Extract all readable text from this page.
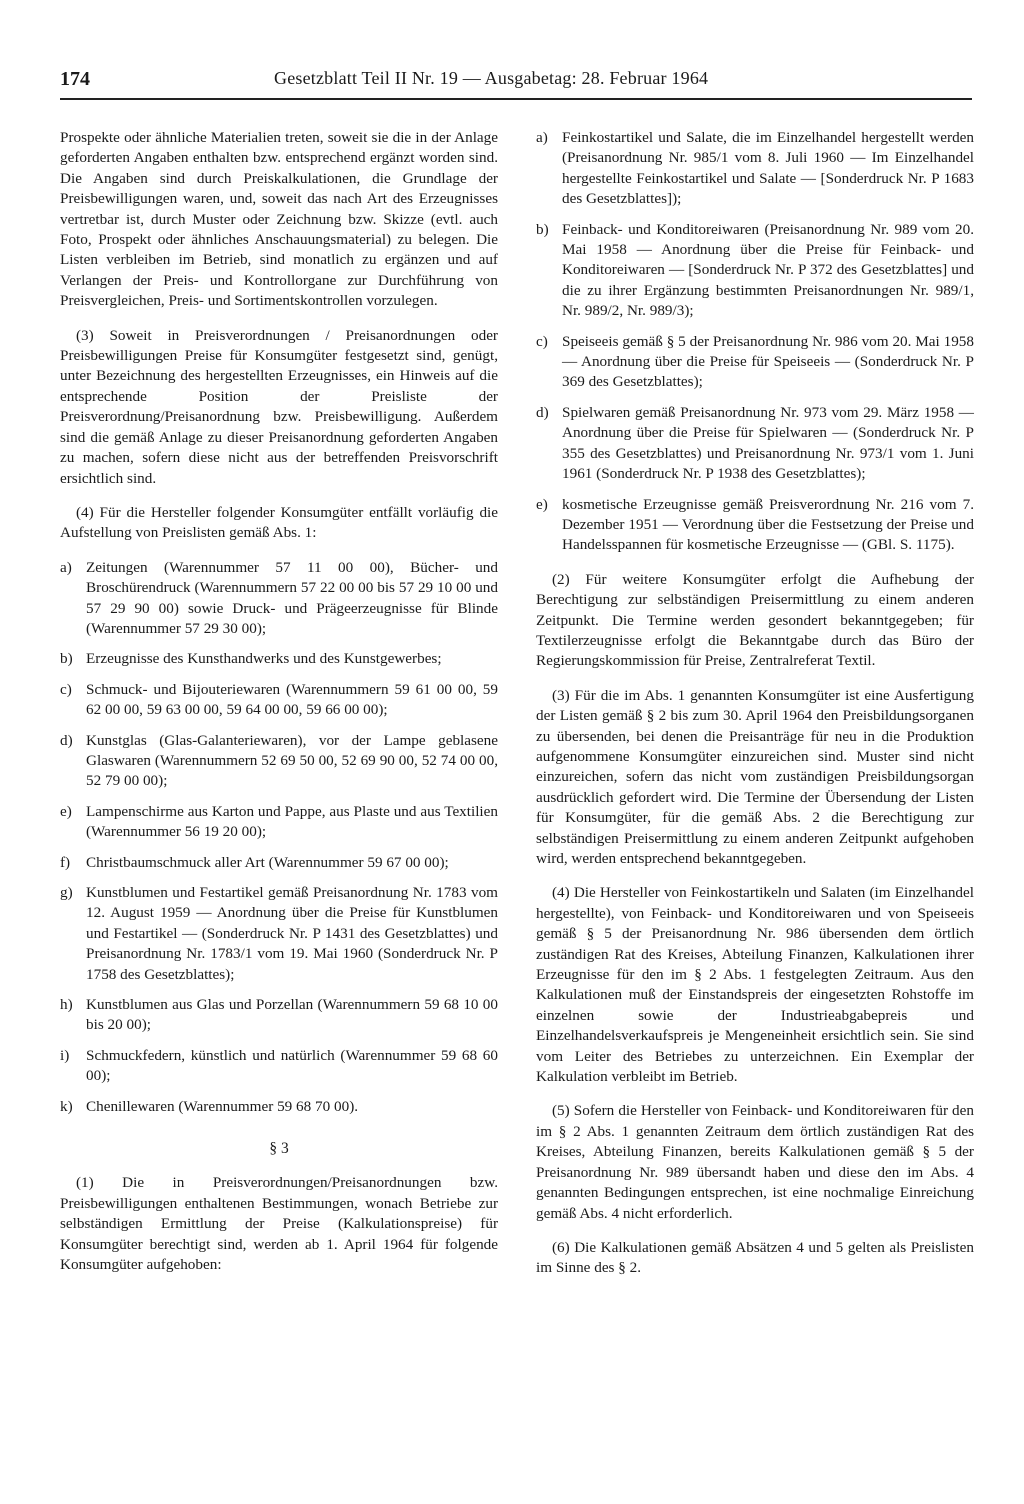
174	Gesetzblatt Teil II Nr. 19 — Ausgabetag: 28. Februar 1964

Prospekte oder ähnliche Materialien treten, soweit sie die in der Anlage geforderten Angaben enthalten bzw. entsprechend ergänzt worden sind. Die Angaben sind durch Preiskalkulationen, die Grundlage der Preisbewilligungen waren, und, soweit das nach Art des Erzeugnisses vertretbar ist, durch Muster oder Zeichnung bzw. Skizze (evtl. auch Foto, Prospekt oder ähnliches Anschauungsmaterial) zu belegen. Die Listen verbleiben im Betrieb, sind monatlich zu ergänzen und auf Verlangen der Preis- und Kontrollorgane zur Durchführung von Preisvergleichen, Preis- und Sortimentskontrollen vorzulegen.

(3) Soweit in Preisverordnungen / Preisanordnungen oder Preisbewilligungen Preise für Konsumgüter festgesetzt sind, genügt, unter Bezeichnung des hergestellten Erzeugnisses, ein Hinweis auf die entsprechende Position der Preisliste der Preisverordnung/Preisanordnung bzw. Preisbewilligung. Außerdem sind die gemäß Anlage zu dieser Preisanordnung geforderten Angaben zu machen, sofern diese nicht aus der betreffenden Preisvorschrift ersichtlich sind.

(4) Für die Hersteller folgender Konsumgüter entfällt vorläufig die Aufstellung von Preislisten gemäß Abs. 1:

a) Zeitungen (Warennummer 57 11 00 00), Bücher- und Broschürendruck (Warennummern 57 22 00 00 bis 57 29 10 00 und 57 29 90 00) sowie Druck- und Prägeerzeugnisse für Blinde (Warennummer 57 29 30 00);
b) Erzeugnisse des Kunsthandwerks und des Kunstgewerbes;
c) Schmuck- und Bijouteriewaren (Warennummern 59 61 00 00, 59 62 00 00, 59 63 00 00, 59 64 00 00, 59 66 00 00);
d) Kunstglas (Glas-Galanteriewaren), vor der Lampe geblasene Glaswaren (Warennummern 52 69 50 00, 52 69 90 00, 52 74 00 00, 52 79 00 00);
e) Lampenschirme aus Karton und Pappe, aus Plaste und aus Textilien (Warennummer 56 19 20 00);
f)	Christbaumschmuck aller Art (Warennummer 59 67 00 00);
g) Kunstblumen und Festartikel gemäß Preisanordnung Nr. 1783 vom 12. August 1959 — Anordnung über die Preise für Kunstblumen und Festartikel — (Sonderdruck Nr. P 1431 des Gesetzblattes) und Preisanordnung Nr. 1783/1 vom 19. Mai 1960 (Sonderdruck Nr. P 1758 des Gesetzblattes);
h) Kunstblumen aus Glas und Porzellan (Warennummern 59 68 10 00 bis 20 00);
i)	Schmuckfedern, künstlich und natürlich (Warennummer 59 68 60 00);
k) Chenillewaren (Warennummer 59 68 70 00).
§ 3

(1) Die in Preisverordnungen/Preisanordnungen bzw. Preisbewilligungen enthaltenen Bestimmungen, wonach Betriebe zur selbständigen Ermittlung der Preise (Kalkulationspreise) für Konsumgüter berechtigt sind, werden ab 1. April 1964 für folgende Konsumgüter aufgehoben:

a) Feinkostartikel und Salate, die im Einzelhandel hergestellt werden (Preisanordnung Nr. 985/1 vom 8. Juli 1960 — Im Einzelhandel hergestellte Feinkostartikel und Salate — [Sonderdruck Nr. P 1683 des Gesetzblattes]);
b) Feinback- und Konditoreiwaren (Preisanordnung Nr. 989 vom 20. Mai 1958 — Anordnung über die Preise für Feinback- und Konditoreiwaren — [Sonderdruck Nr. P 372 des Gesetzblattes] und die zu ihrer Ergänzung bestimmten Preisanordnungen Nr. 989/1, Nr. 989/2, Nr. 989/3);
c) Speiseeis gemäß § 5 der Preisanordnung Nr. 986 vom 20. Mai 1958 — Anordnung über die Preise für Speiseeis — (Sonderdruck Nr. P 369 des Gesetzblattes);
d) Spielwaren gemäß Preisanordnung Nr. 973 vom 29. März 1958 — Anordnung über die Preise für Spielwaren — (Sonderdruck Nr. P 355 des Gesetzblattes) und Preisanordnung Nr. 973/1 vom 1. Juni 1961 (Sonderdruck Nr. P 1938 des Gesetzblattes);
e) kosmetische Erzeugnisse gemäß Preisverordnung Nr. 216 vom 7. Dezember 1951 — Verordnung über die Festsetzung der Preise und Handelsspannen für kosmetische Erzeugnisse — (GBl. S. 1175).

(2) Für weitere Konsumgüter erfolgt die Aufhebung der Berechtigung zur selbständigen Preisermittlung zu einem anderen Zeitpunkt. Die Termine werden gesondert bekanntgegeben; für Textilerzeugnisse erfolgt die Bekanntgabe durch das Büro der Regierungskommission für Preise, Zentralreferat Textil.

(3) Für die im Abs. 1 genannten Konsumgüter ist eine Ausfertigung der Listen gemäß § 2 bis zum 30. April 1964 den Preisbildungsorganen zu übersenden, bei denen die Preisanträge für neu in die Produktion aufgenommene Konsumgüter einzureichen sind. Muster sind nicht einzureichen, sofern das nicht vom zuständigen Preisbildungsorgan ausdrücklich gefordert wird. Die Termine der Übersendung der Listen für Konsumgüter, für die gemäß Abs. 2 die Berechtigung zur selbständigen Preisermittlung zu einem anderen Zeitpunkt aufgehoben wird, werden entsprechend bekanntgegeben.

(4) Die Hersteller von Feinkostartikeln und Salaten (im Einzelhandel hergestellte), von Feinback- und Konditoreiwaren und von Speiseeis gemäß § 5 der Preisanordnung Nr. 986 übersenden dem örtlich zuständigen Rat des Kreises, Abteilung Finanzen, Kalkulationen ihrer Erzeugnisse für den im § 2 Abs. 1 festgelegten Zeitraum. Aus den Kalkulationen muß der Einstandspreis der eingesetzten Rohstoffe im einzelnen sowie der Industrieabgabepreis und Einzelhandelsverkaufspreis je Mengeneinheit ersichtlich sein. Sie sind vom Leiter des Betriebes zu unterzeichnen. Ein Exemplar der Kalkulation verbleibt im Betrieb.

(5) Sofern die Hersteller von Feinback- und Konditoreiwaren für den im § 2 Abs. 1 genannten Zeitraum dem örtlich zuständigen Rat des Kreises, Abteilung Finanzen, bereits Kalkulationen gemäß § 5 der Preisanordnung Nr. 989 übersandt haben und diese den im Abs. 4 genannten Bedingungen entsprechen, ist eine nochmalige Einreichung gemäß Abs. 4 nicht erforderlich.

(6) Die Kalkulationen gemäß Absätzen 4 und 5 gelten als Preislisten im Sinne des § 2.
